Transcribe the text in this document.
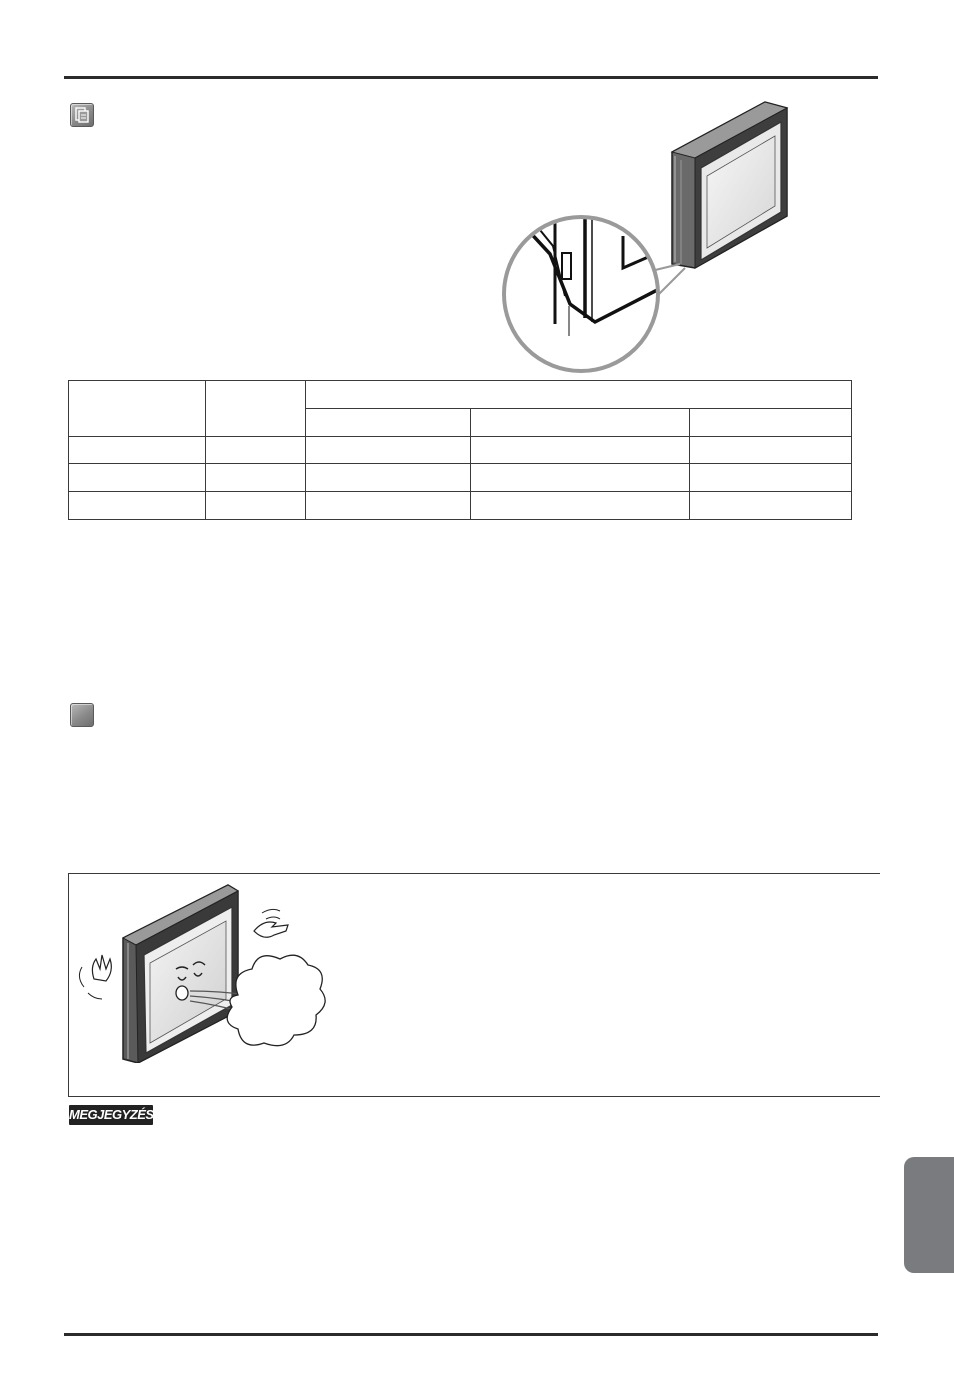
MEGJEGYZÉS
